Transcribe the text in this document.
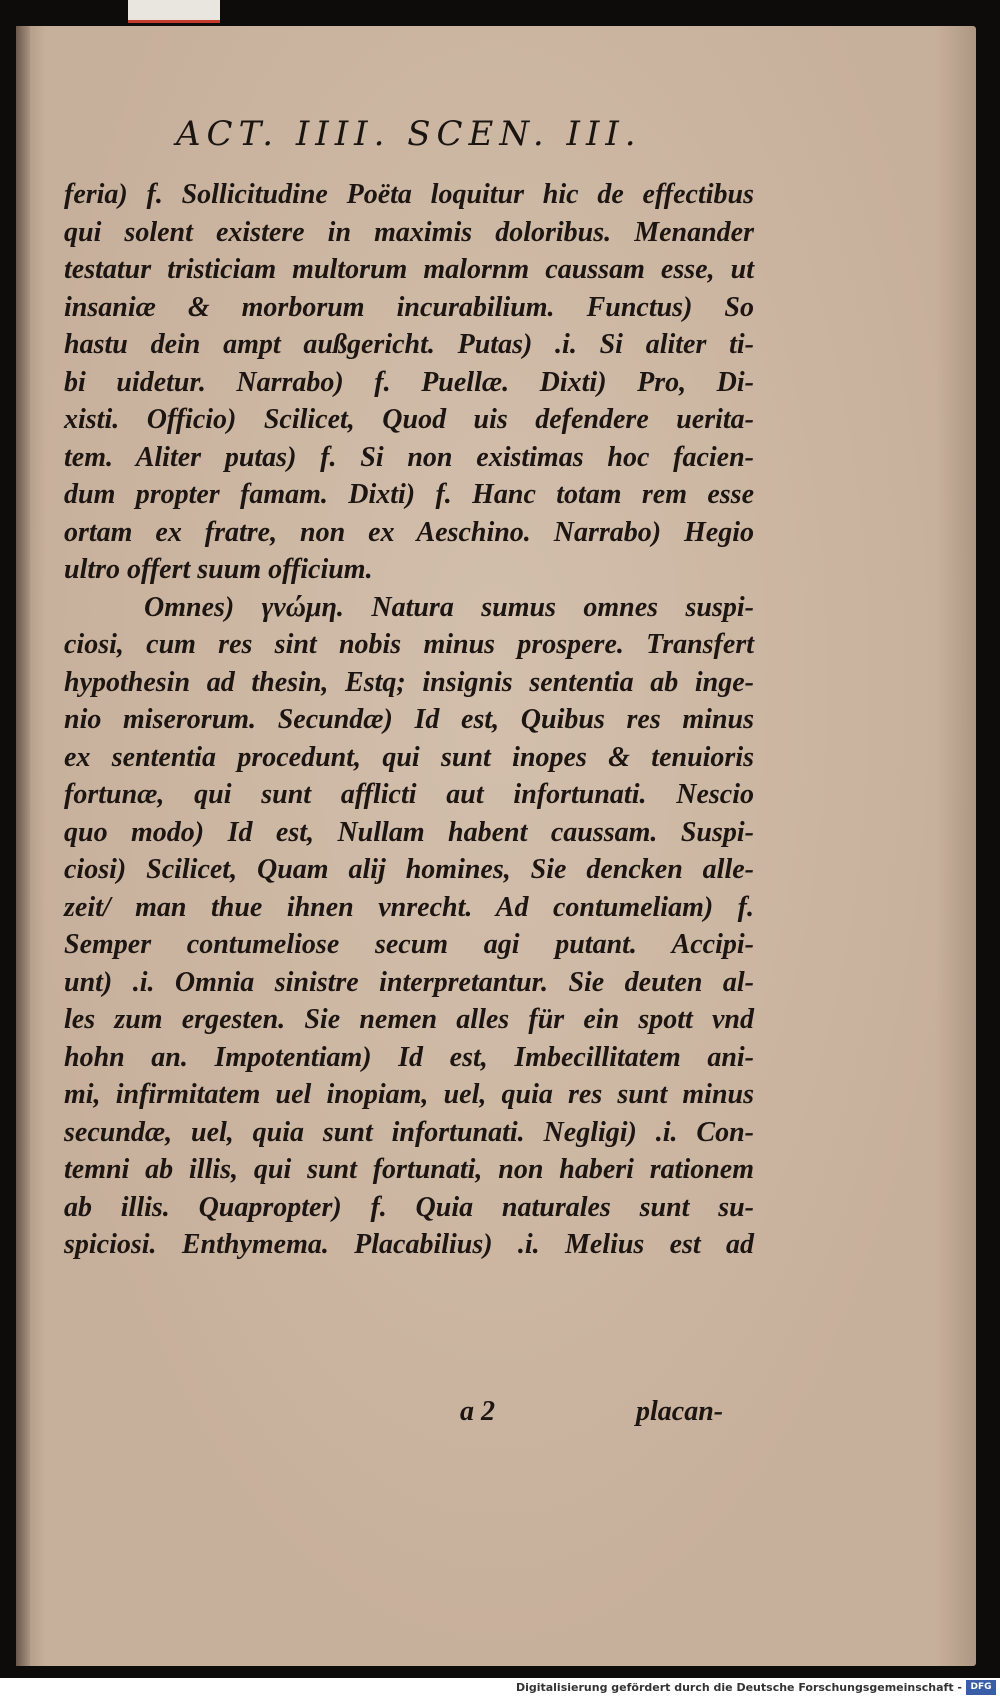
ACT. IIII. SCEN. III.
feria) f. Sollicitudine Poëta loquitur hic de effectibus
qui solent existere in maximis doloribus. Menander
testatur tristiciam multorum malornm caussam esse, ut
insaniæ & morborum incurabilium. Functus) So
hastu dein ampt außgericht. Putas) .i. Si aliter ti-
bi uidetur. Narrabo) f. Puellæ. Dixti) Pro, Di-
xisti. Officio) Scilicet, Quod uis defendere uerita-
tem. Aliter putas) f. Si non existimas hoc facien-
dum propter famam. Dixti) f. Hanc totam rem esse
ortam ex fratre, non ex Aeschino. Narrabo) Hegio
ultro offert suum officium.
Omnes) γνώμη. Natura sumus omnes suspi-
ciosi, cum res sint nobis minus prospere. Transfert
hypothesin ad thesin, Estq; insignis sententia ab inge-
nio miserorum. Secundæ) Id est, Quibus res minus
ex sententia procedunt, qui sunt inopes & tenuioris
fortunæ, qui sunt afflicti aut infortunati. Nescio
quo modo) Id est, Nullam habent caussam. Suspi-
ciosi) Scilicet, Quam alij homines, Sie dencken alle-
zeit/ man thue ihnen vnrecht. Ad contumeliam) f.
Semper contumeliose secum agi putant. Accipi-
unt) .i. Omnia sinistre interpretantur. Sie deuten al-
les zum ergesten. Sie nemen alles für ein spott vnd
hohn an. Impotentiam) Id est, Imbecillitatem ani-
mi, infirmitatem uel inopiam, uel, quia res sunt minus
secundæ, uel, quia sunt infortunati. Negligi) .i. Con-
temni ab illis, qui sunt fortunati, non haberi rationem
ab illis. Quapropter) f. Quia naturales sunt su-
spiciosi. Enthymema. Placabilius) .i. Melius est ad
a 2	placan-
Digitalisierung gefördert durch die Deutsche Forschungsgemeinschaft - DFG
